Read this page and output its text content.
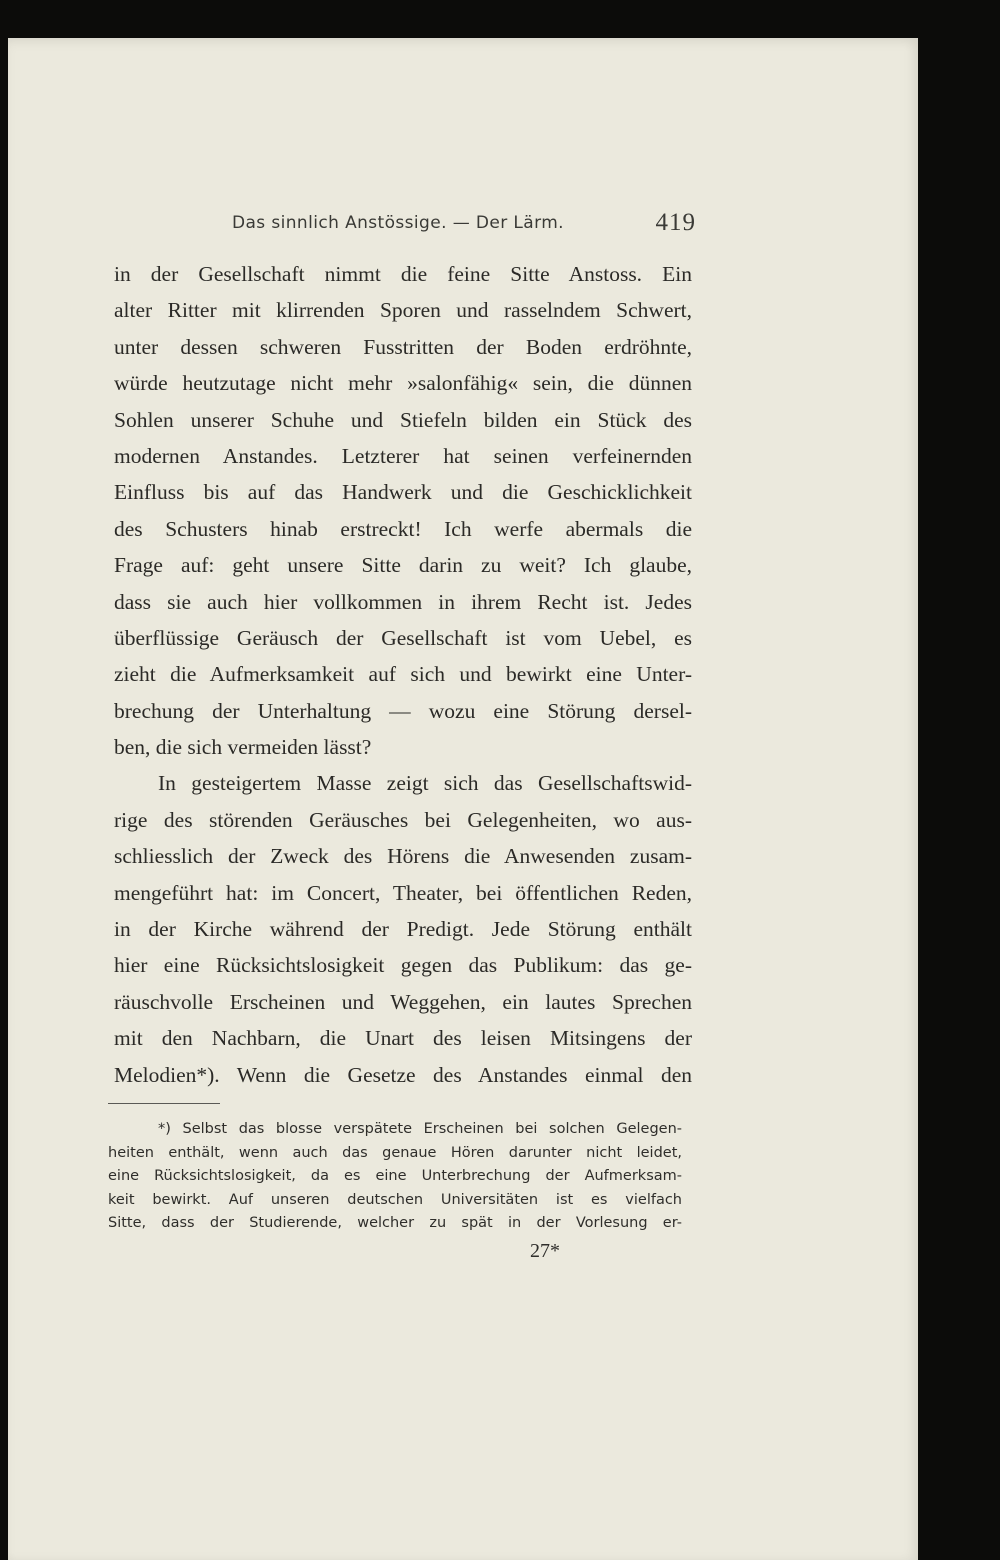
Das sinnlich Anstössige. — Der Lärm.	419
in der Gesellschaft nimmt die feine Sitte Anstoss. Ein
alter Ritter mit klirrenden Sporen und rasselndem Schwert,
unter dessen schweren Fusstritten der Boden erdröhnte,
würde heutzutage nicht mehr »salonfähig« sein, die dünnen
Sohlen unserer Schuhe und Stiefeln bilden ein Stück des
modernen Anstandes. Letzterer hat seinen verfeinernden
Einfluss bis auf das Handwerk und die Geschicklichkeit
des Schusters hinab erstreckt! Ich werfe abermals die
Frage auf: geht unsere Sitte darin zu weit? Ich glaube,
dass sie auch hier vollkommen in ihrem Recht ist. Jedes
überflüssige Geräusch der Gesellschaft ist vom Uebel, es
zieht die Aufmerksamkeit auf sich und bewirkt eine Unter-
brechung der Unterhaltung — wozu eine Störung dersel-
ben, die sich vermeiden lässt?
In gesteigertem Masse zeigt sich das Gesellschaftswid-
rige des störenden Geräusches bei Gelegenheiten, wo aus-
schliesslich der Zweck des Hörens die Anwesenden zusam-
mengeführt hat: im Concert, Theater, bei öffentlichen Reden,
in der Kirche während der Predigt. Jede Störung enthält
hier eine Rücksichtslosigkeit gegen das Publikum: das ge-
räuschvolle Erscheinen und Weggehen, ein lautes Sprechen
mit den Nachbarn, die Unart des leisen Mitsingens der
Melodien*). Wenn die Gesetze des Anstandes einmal den
*) Selbst das blosse verspätete Erscheinen bei solchen Gelegen-
heiten enthält, wenn auch das genaue Hören darunter nicht leidet,
eine Rücksichtslosigkeit, da es eine Unterbrechung der Aufmerksam-
keit bewirkt. Auf unseren deutschen Universitäten ist es vielfach
Sitte, dass der Studierende, welcher zu spät in der Vorlesung er-
27*
